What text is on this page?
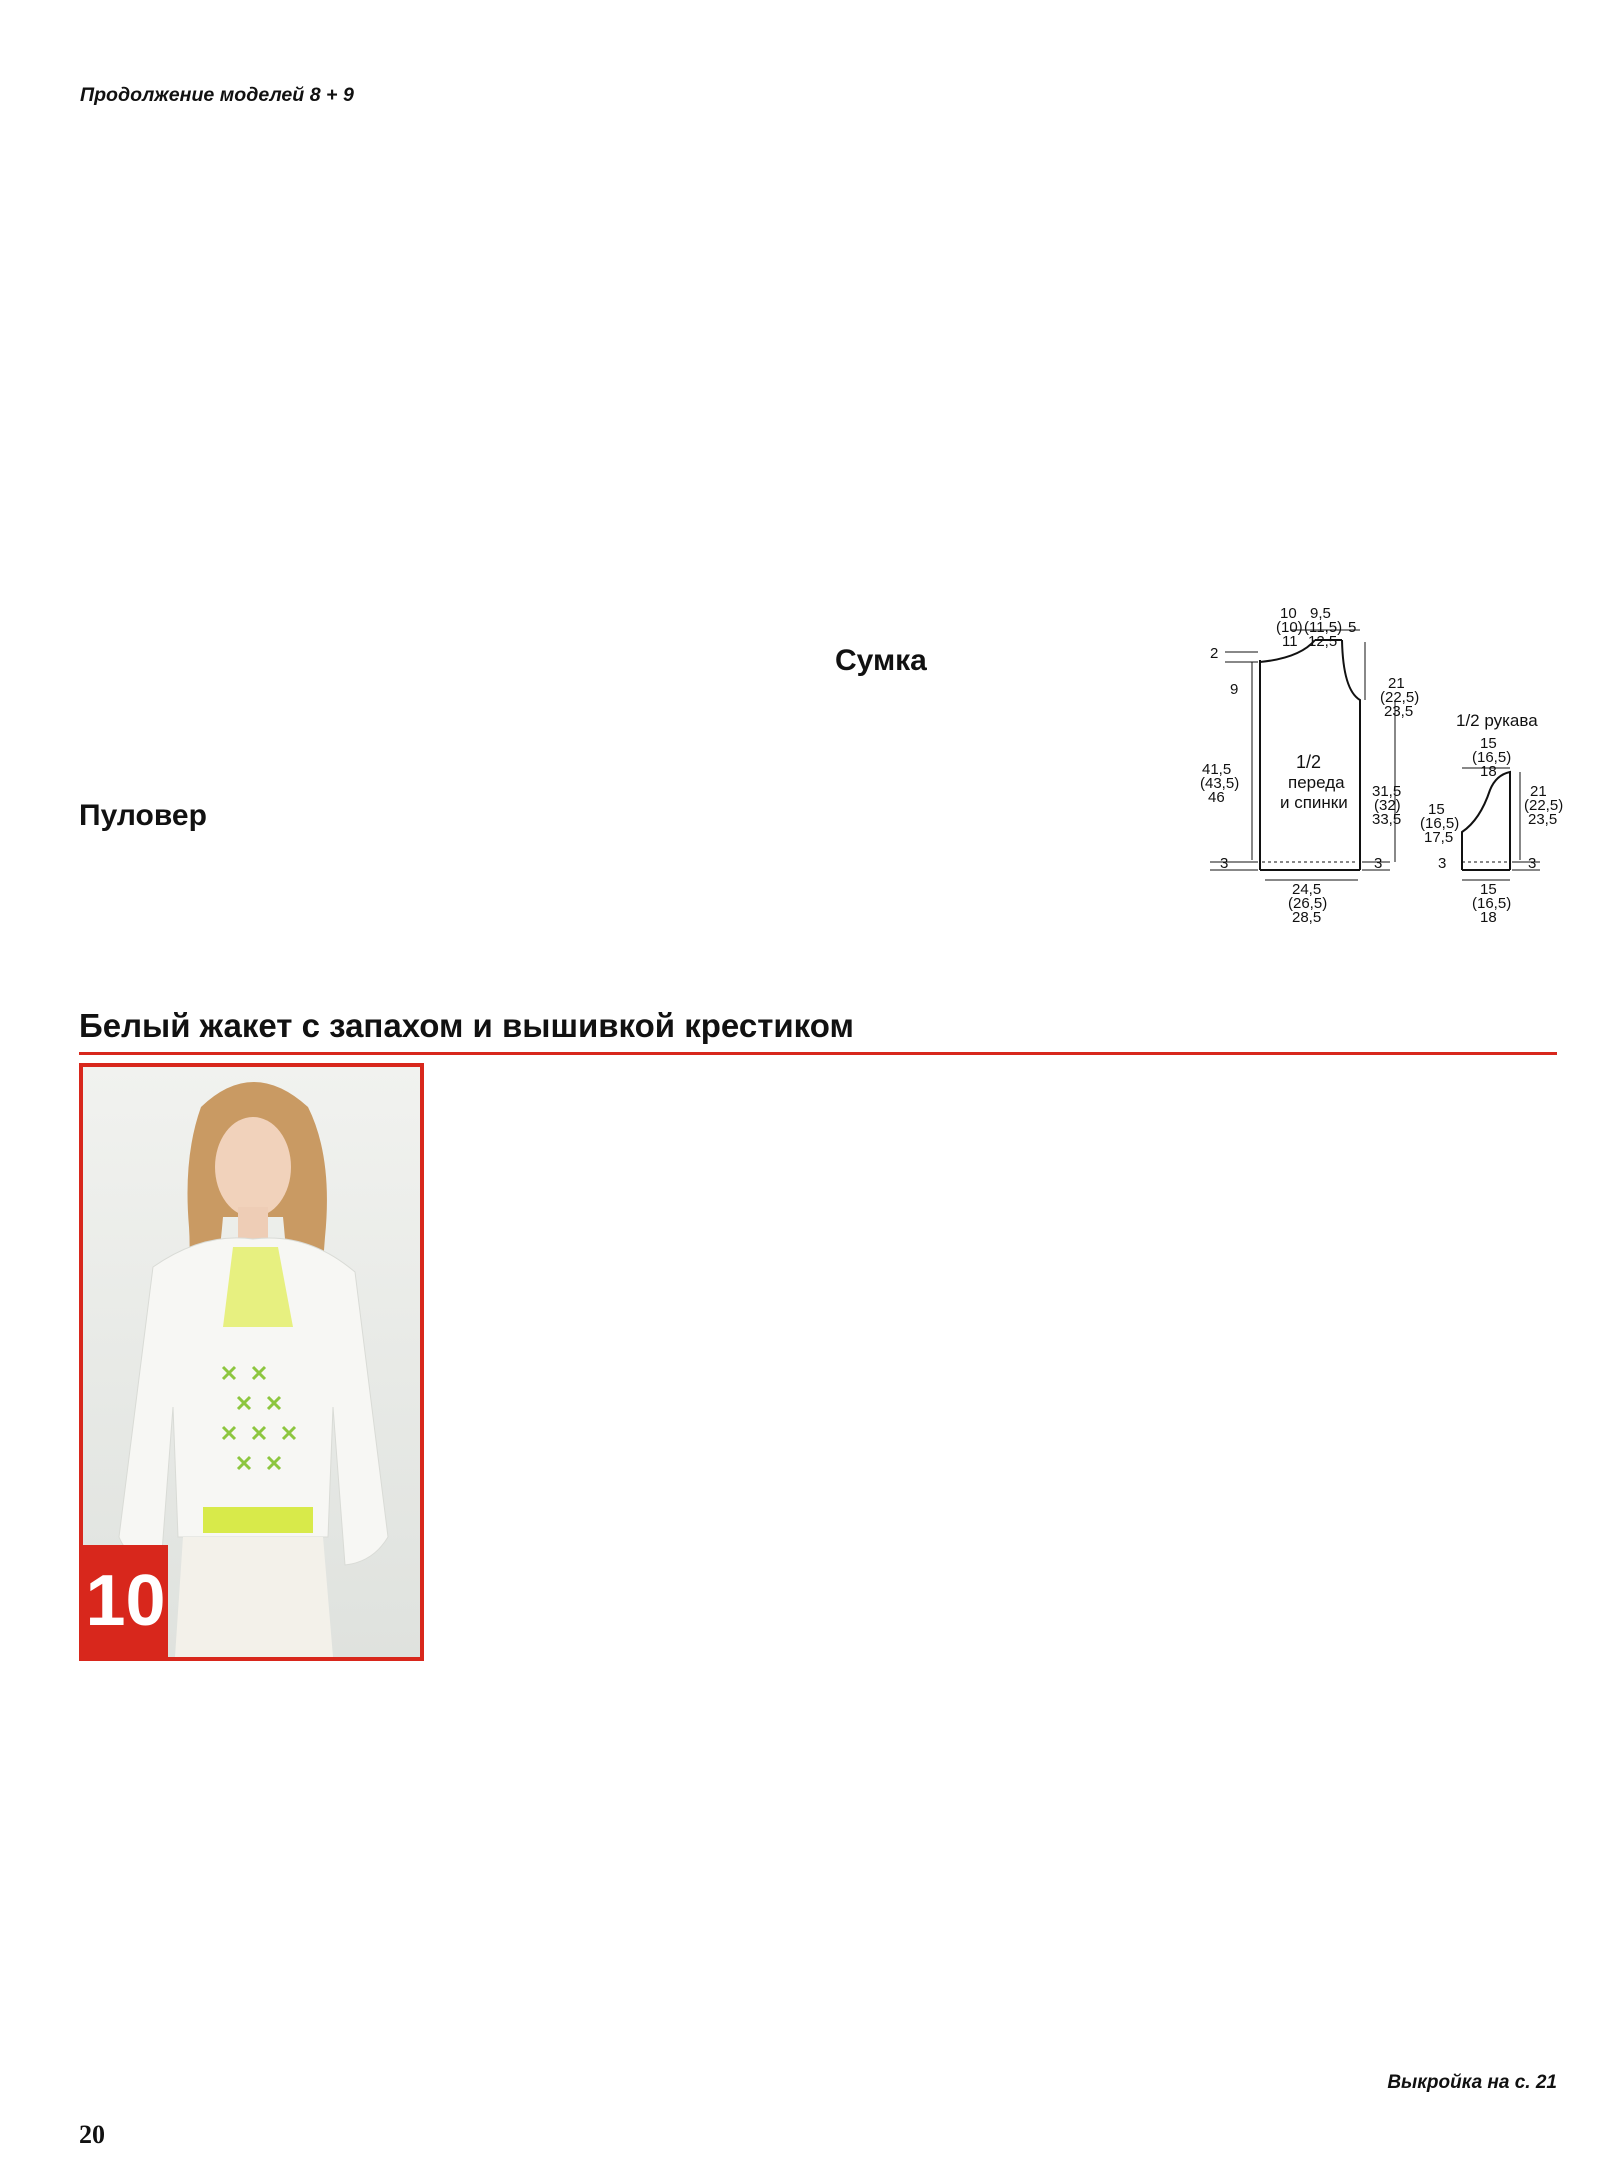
Продолжение моделей 8 + 9

Пуловер
Сумка
10
(10)
11
9,5
(11,5)
12,5
5
2
9	21
(22,5)
23,5
1/2
переда
и спинки
31,5
(32)
33,5
41,5
(43,5)
46
3	3
24,5
(26,5)
28,5
1/2 рукава
15
(16,5)
18
21
(22,5)
23,5
15
(16,5)
17,5
3	3
15
(16,5)
18
Белый жакет с запахом и вышивкой крестиком
10
Выкройка на с. 21
20
